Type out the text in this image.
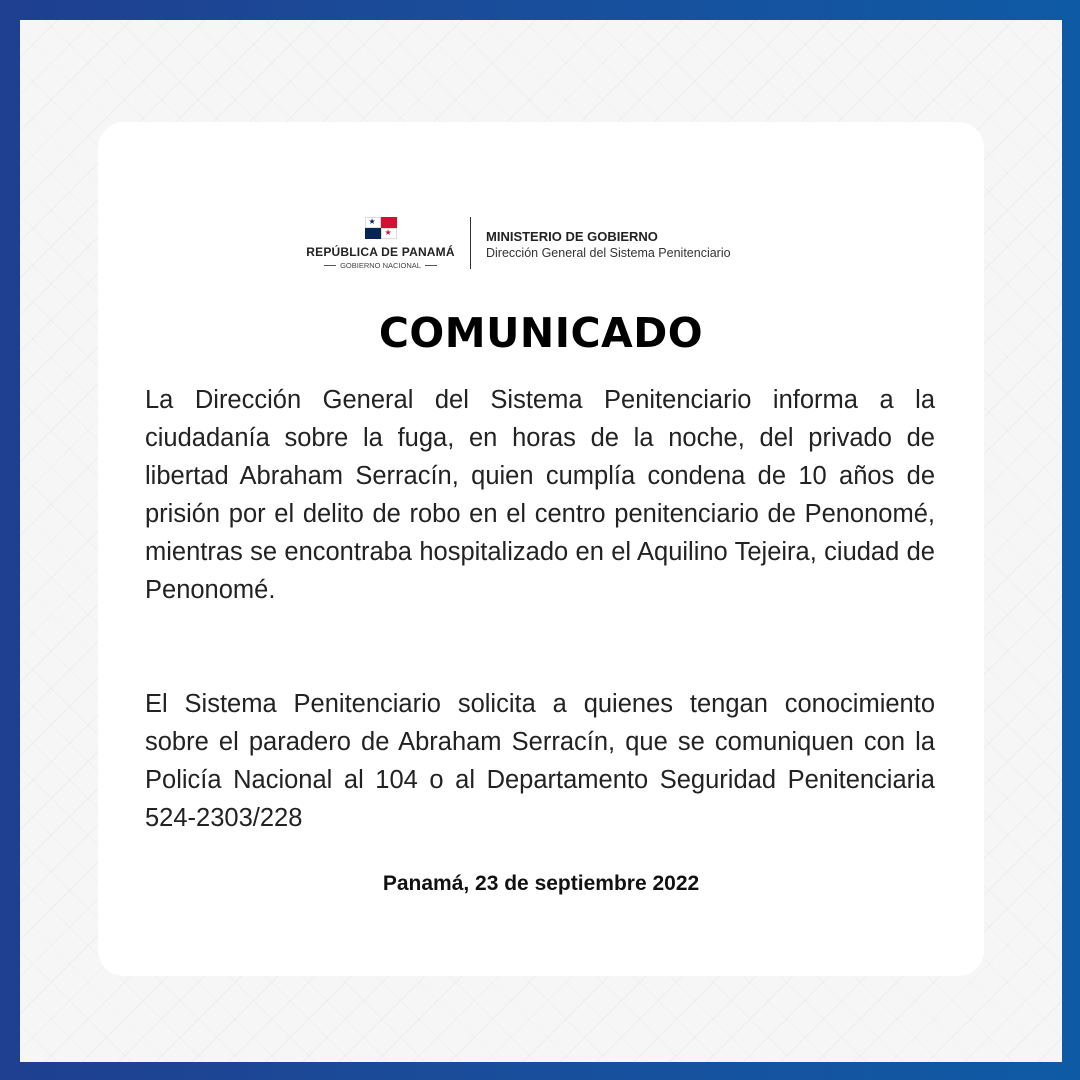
★
★
REPÚBLICA DE PANAMÁ
GOBIERNO NACIONAL
MINISTERIO DE GOBIERNO
Dirección General del Sistema Penitenciario
COMUNICADO

La Dirección General del Sistema Penitenciario informa a la ciudadanía sobre la fuga, en horas de la noche, del privado de libertad Abraham Serracín, quien cumplía condena de 10 años de prisión por el delito de robo en el centro penitenciario de Penonomé, mientras se encontraba hospitalizado en el Aquilino Tejeira, ciudad de Penonomé.

El Sistema Penitenciario solicita a quienes tengan conocimiento sobre el paradero de Abraham Serracín, que se comuniquen con la Policía Nacional al 104 o al Departamento Seguridad Penitenciaria 524-2303/228

Panamá, 23 de septiembre 2022
